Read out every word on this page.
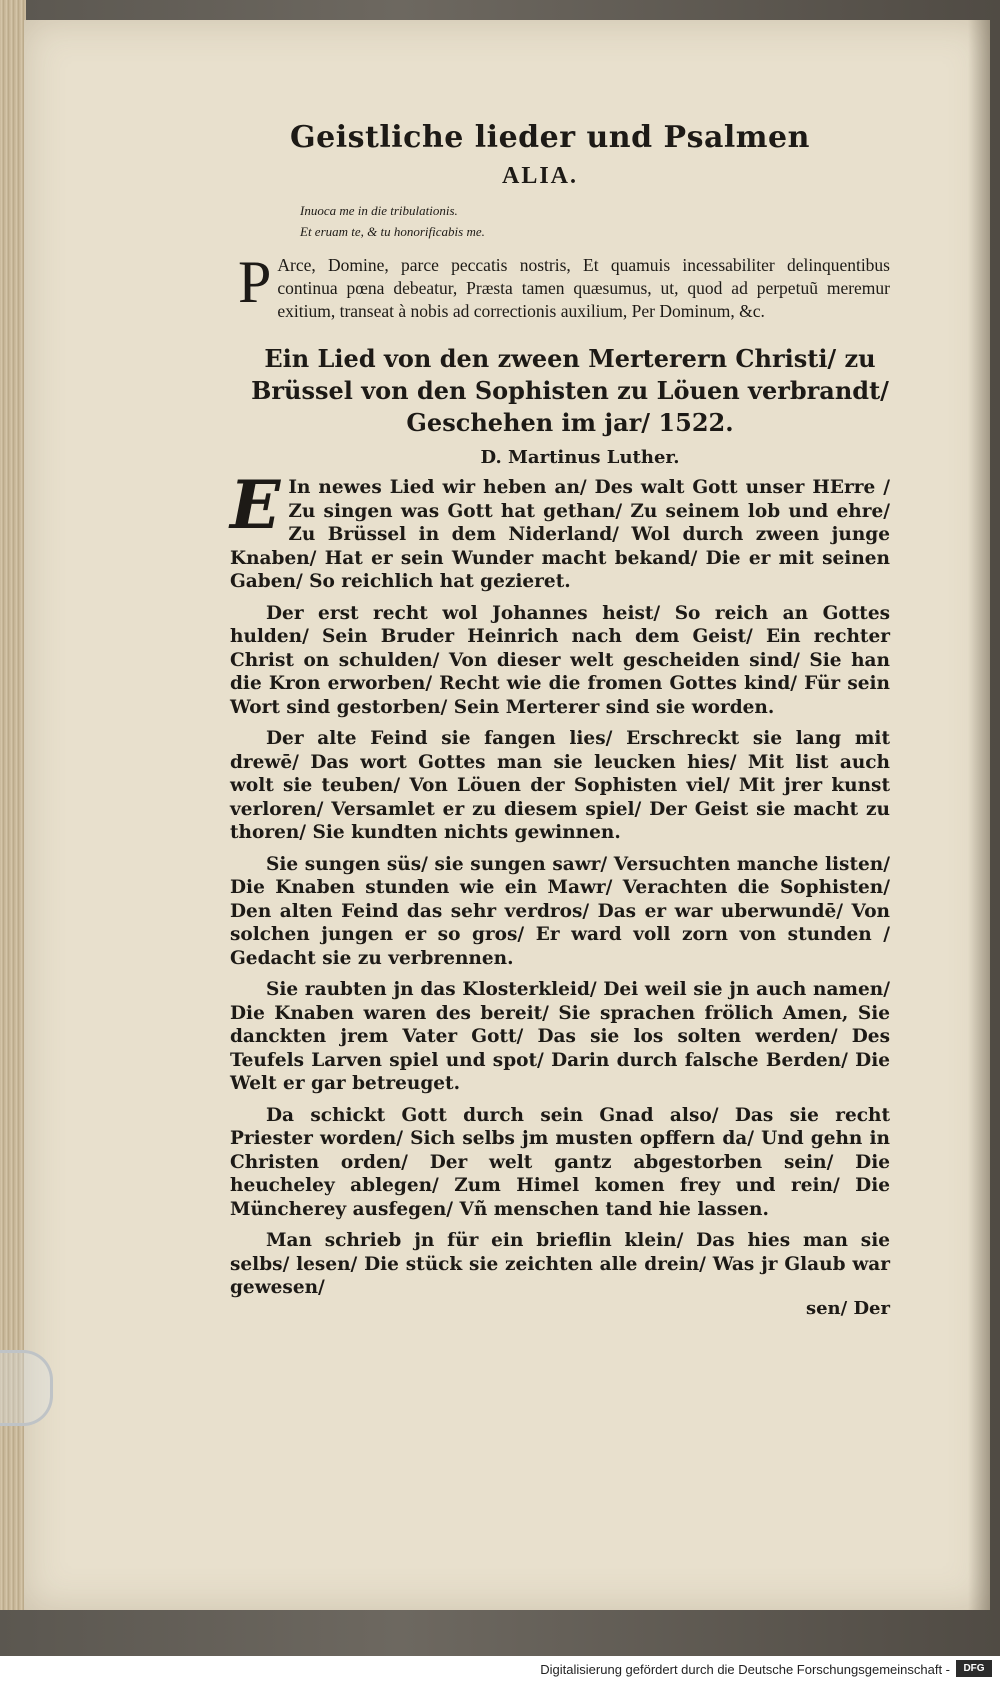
Geistliche lieder und Psalmen
ALIA.
Inuoca me in die tribulationis.
Et eruam te, & tu honorificabis me.
P Arce, Domine, parce peccatis nostris, Et quamuis incessabiliter delinquentibus continua pœna debeatur, Præsta tamen quæsumus, ut, quod ad perpetuũ meremur exitium, transeat à nobis ad correctionis auxilium, Per Dominum, &c.
Ein Lied von den zween Merterern Christi/ zu Brüssel von den Sophisten zu Löuen verbrandt/ Geschehen im jar/ 1522.
D. Martinus Luther.
E In newes Lied wir heben an/ Des walt Gott unser HErre / Zu singen was Gott hat gethan/ Zu seinem lob und ehre/ Zu Brüssel in dem Niderland/ Wol durch zween junge Knaben/ Hat er sein Wunder macht bekand/ Die er mit seinen Gaben/ So reichlich hat gezieret.
Der erst recht wol Johannes heist/ So reich an Gottes hulden/ Sein Bruder Heinrich nach dem Geist/ Ein rechter Christ on schulden/ Von dieser welt gescheiden sind/ Sie han die Kron erworben/ Recht wie die fromen Gottes kind/ Für sein Wort sind gestorben/ Sein Merterer sind sie worden.
Der alte Feind sie fangen lies/ Erschreckt sie lang mit drewē/ Das wort Gottes man sie leucken hies/ Mit list auch wolt sie teuben/ Von Löuen der Sophisten viel/ Mit jrer kunst verloren/ Versamlet er zu diesem spiel/ Der Geist sie macht zu thoren/ Sie kundten nichts gewinnen.
Sie sungen süs/ sie sungen sawr/ Versuchten manche listen/ Die Knaben stunden wie ein Mawr/ Verachten die Sophisten/ Den alten Feind das sehr verdros/ Das er war uberwundē/ Von solchen jungen er so gros/ Er ward voll zorn von stunden / Gedacht sie zu verbrennen.
Sie raubten jn das Klosterkleid/ Dei weil sie jn auch namen/ Die Knaben waren des bereit/ Sie sprachen frölich Amen, Sie danckten jrem Vater Gott/ Das sie los solten werden/ Des Teufels Larven spiel und spot/ Darin durch falsche Berden/ Die Welt er gar betreuget.
Da schickt Gott durch sein Gnad also/ Das sie recht Priester worden/ Sich selbs jm musten opffern da/ Und gehn in Christen orden/ Der welt gantz abgestorben sein/ Die heucheley ablegen/ Zum Himel komen frey und rein/ Die Müncherey ausfegen/ Vñ menschen tand hie lassen.
Man schrieb jn für ein brieflin klein/ Das hies man sie selbs/ lesen/ Die stück sie zeichten alle drein/ Was jr Glaub war gewesen/
sen/ Der
Digitalisierung gefördert durch die Deutsche Forschungsgemeinschaft -	DFG
